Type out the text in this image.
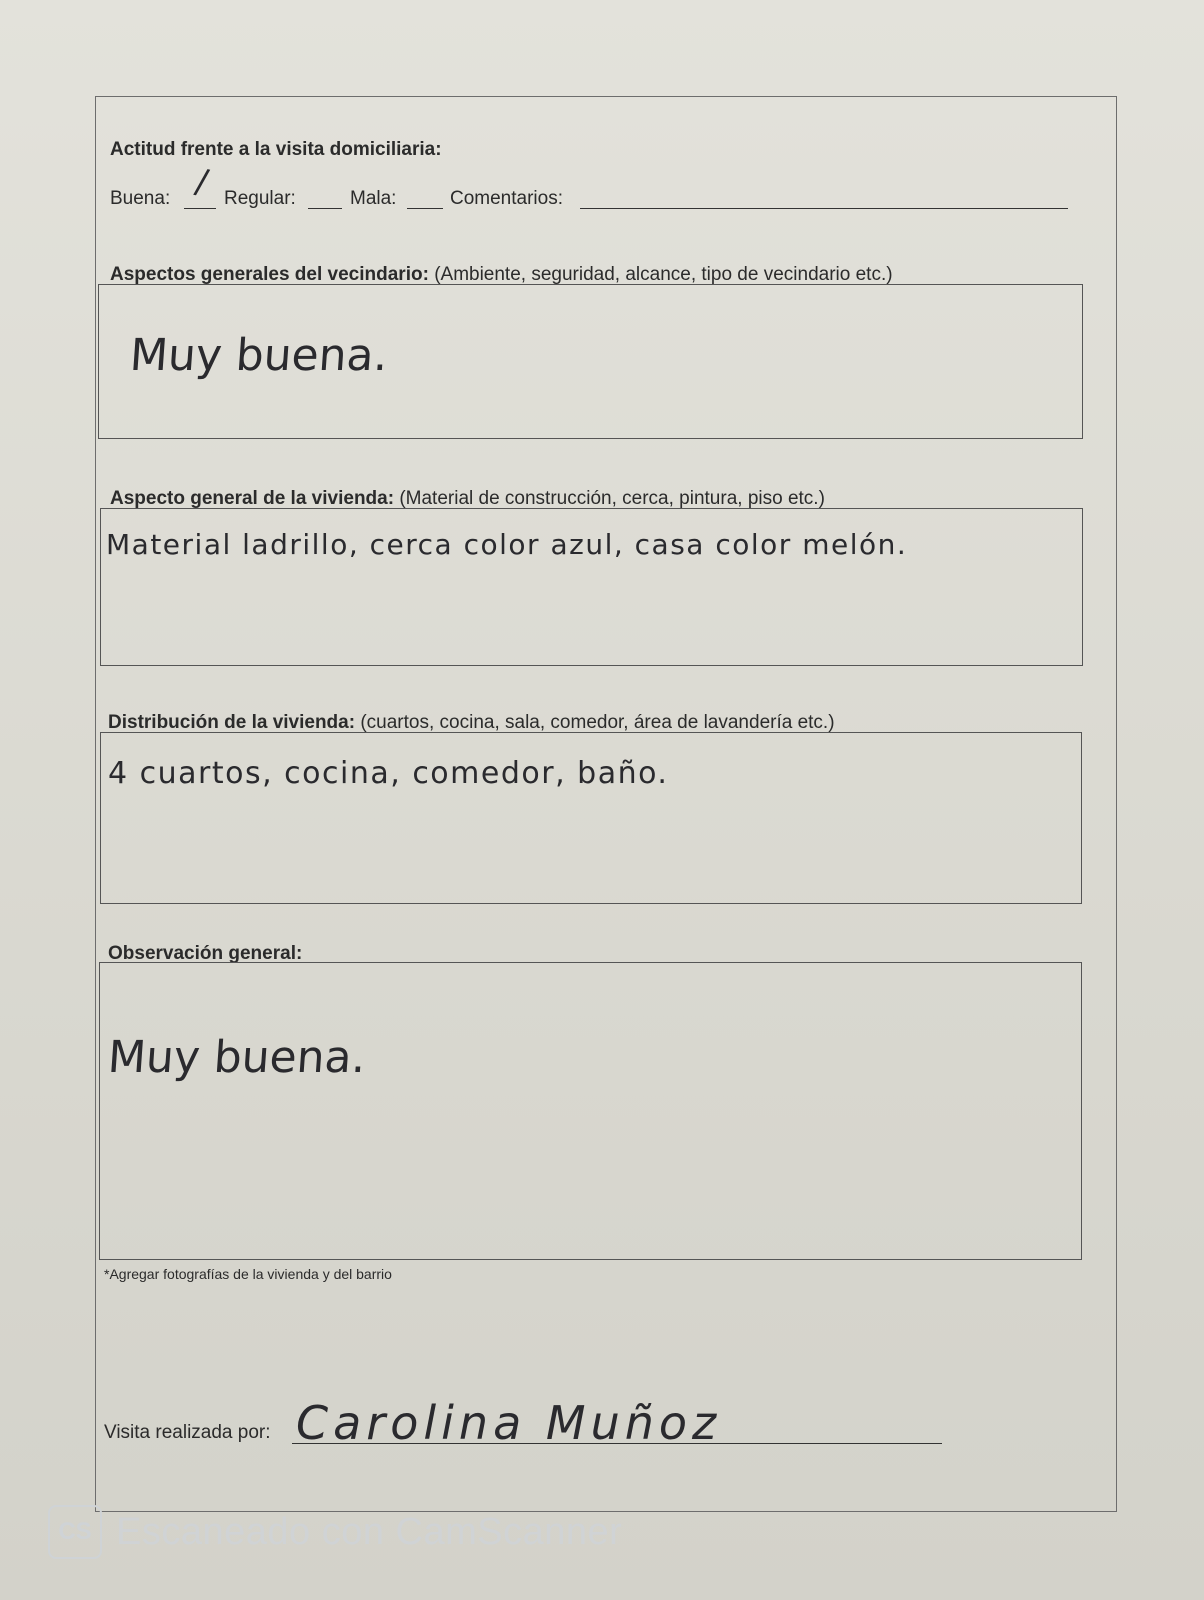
Actitud frente a la visita domiciliaria:
Buena: / Regular:	Mala:	Comentarios:
Aspectos generales del vecindario: (Ambiente, seguridad, alcance, tipo de vecindario etc.)
Muy buena.
Aspecto general de la vivienda: (Material de construcción, cerca, pintura, piso etc.)
Material ladrillo, cerca color azul, casa color melón.
Distribución de la vivienda: (cuartos, cocina, sala, comedor, área de lavandería etc.)
4 cuartos, cocina, comedor, baño.
Observación general:
Muy buena.
*Agregar fotografías de la vivienda y del barrio
Visita realizada por: Carolina Muñoz
CS Escaneado con CamScanner
